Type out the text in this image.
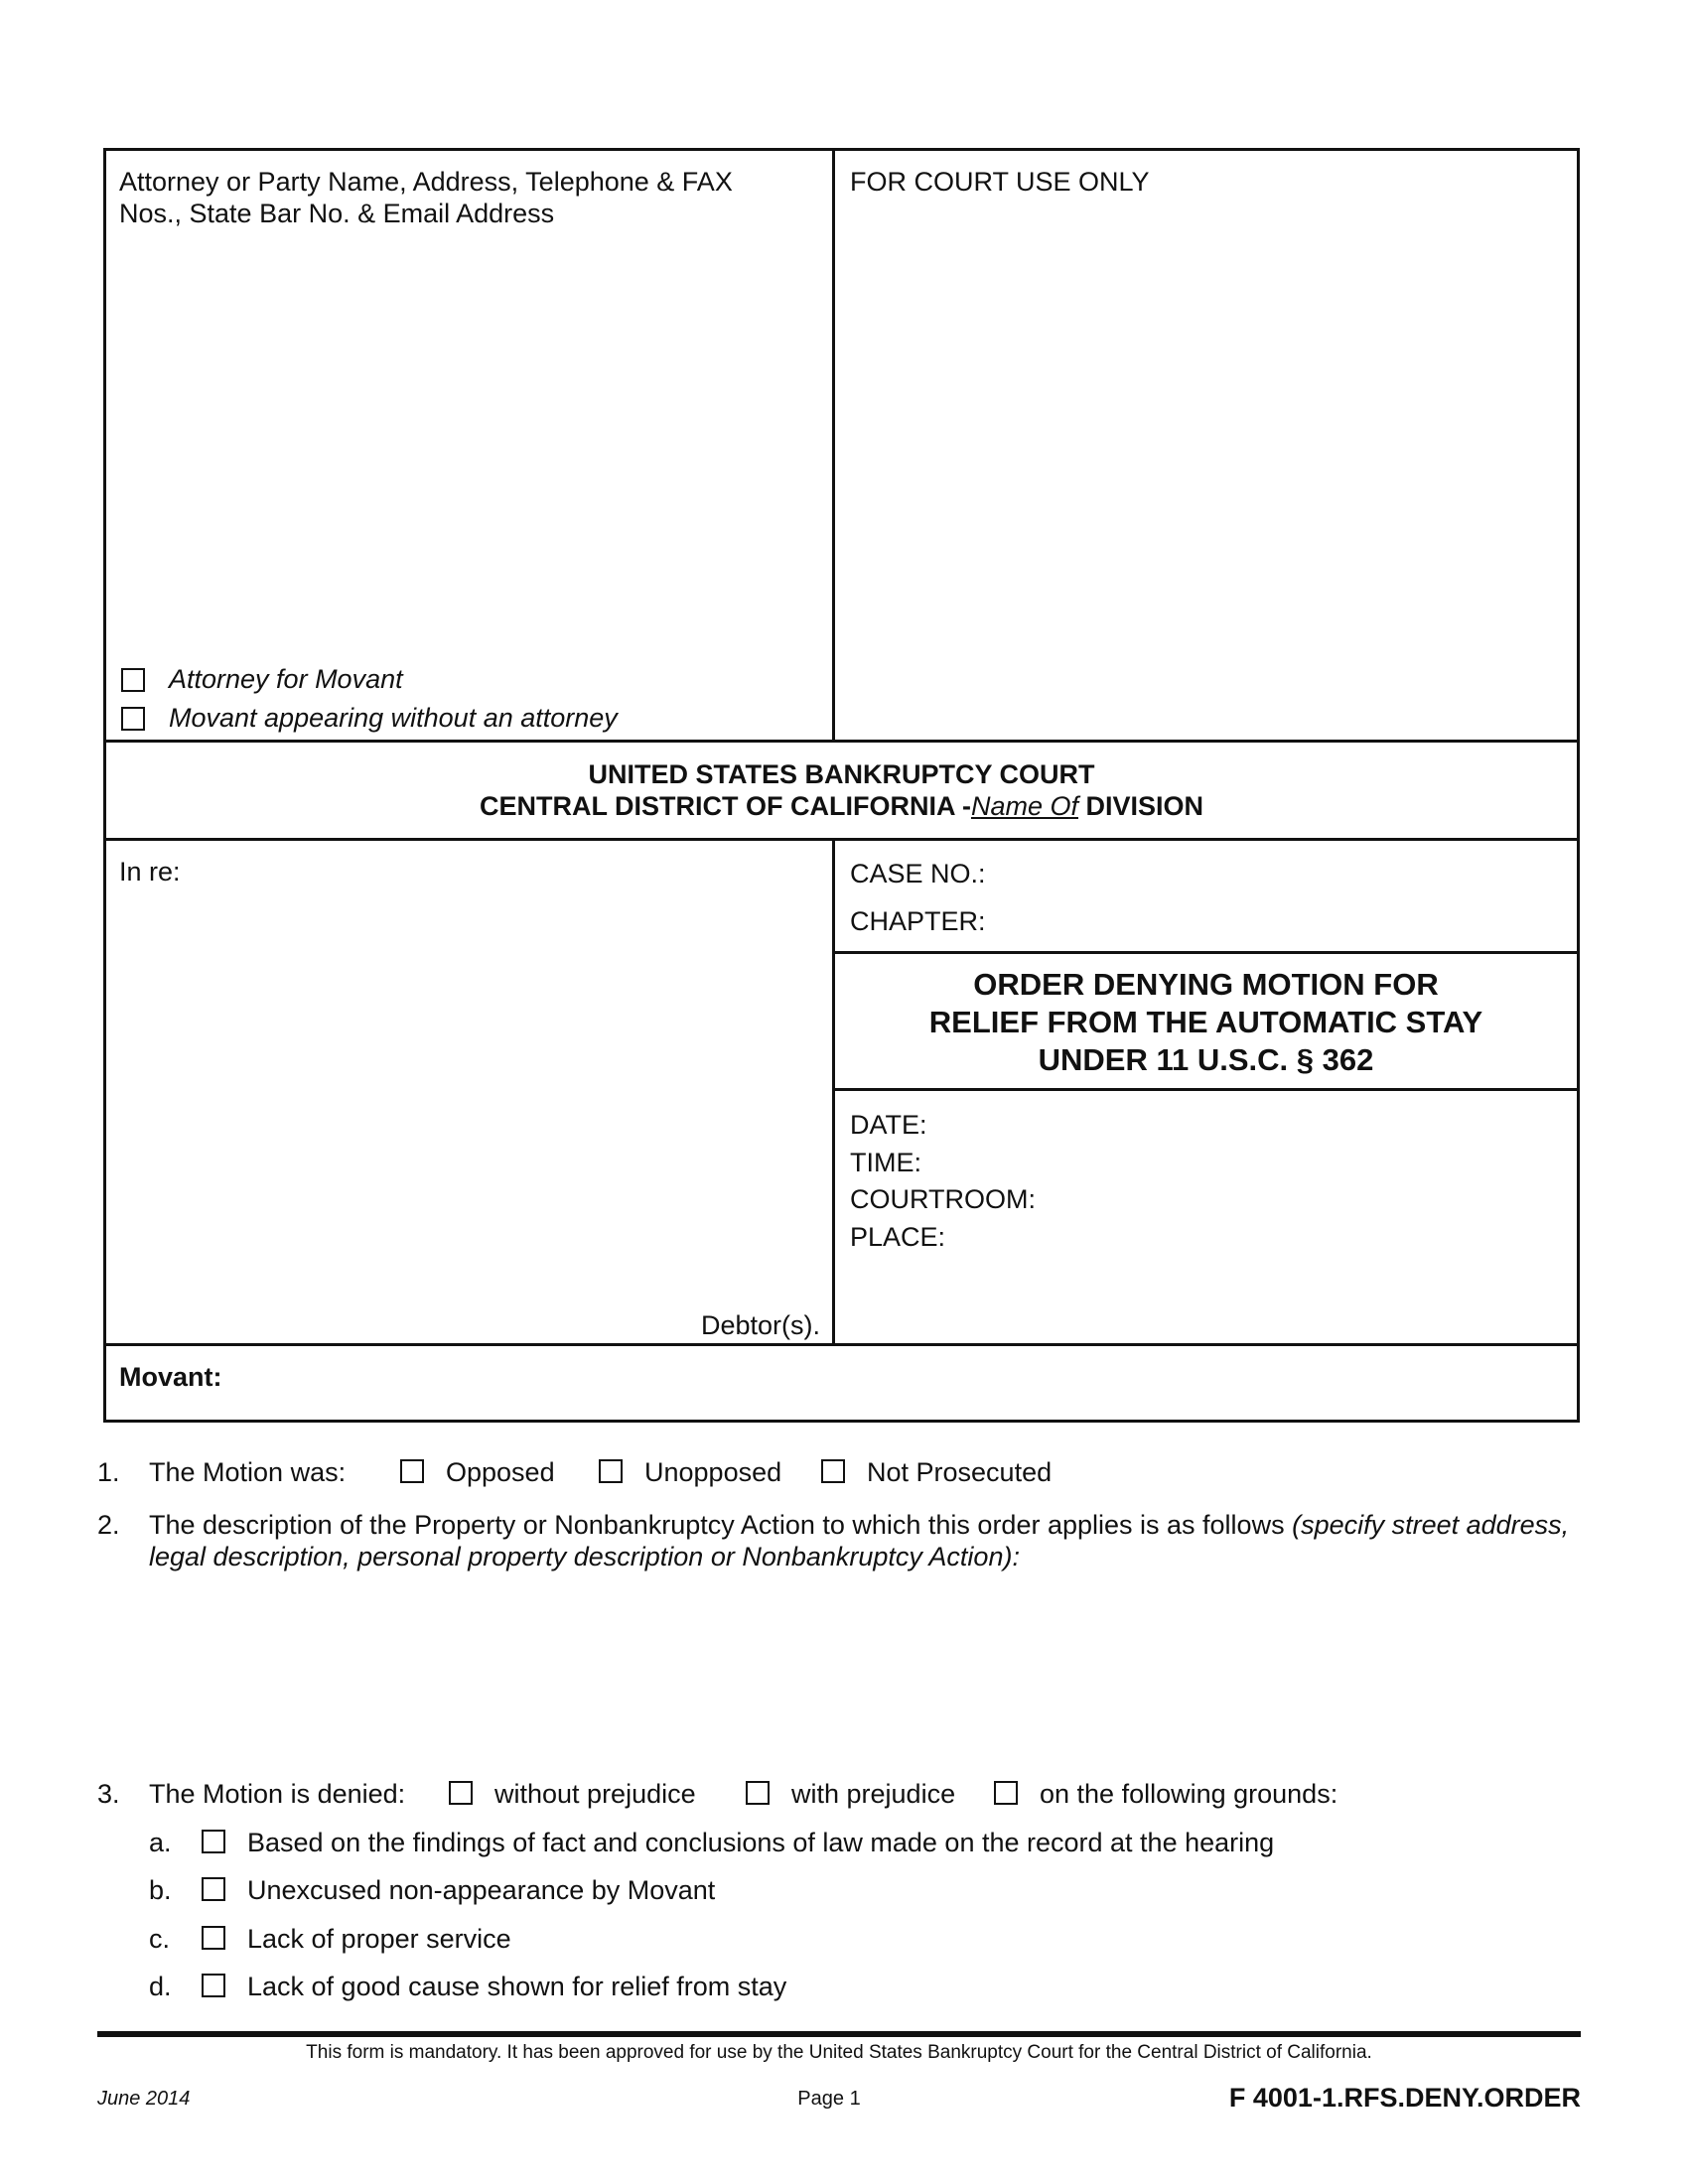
Attorney or Party Name, Address, Telephone & FAX
Nos., State Bar No. & Email Address
Attorney for Movant
Movant appearing without an attorney
FOR COURT USE ONLY
UNITED STATES BANKRUPTCY COURT
CENTRAL DISTRICT OF CALIFORNIA -Name Of DIVISION
In re:
Debtor(s).
CASE NO.:
CHAPTER:
ORDER DENYING MOTION FOR
RELIEF FROM THE AUTOMATIC STAY
UNDER 11 U.S.C. § 362
DATE:
TIME:
COURTROOM:
PLACE:
Movant:
1. The Motion was:	Opposed	Unopposed	Not Prosecuted
2. The description of the Property or Nonbankruptcy Action to which this order applies is as follows (specify street address,
legal description, personal property description or Nonbankruptcy Action):
3. The Motion is denied:	without prejudice	with prejudice	on the following grounds:
a.	Based on the findings of fact and conclusions of law made on the record at the hearing
b.	Unexcused non-appearance by Movant
c.	Lack of proper service
d.	Lack of good cause shown for relief from stay
This form is mandatory. It has been approved for use by the United States Bankruptcy Court for the Central District of California.
June 2014	Page 1	F 4001-1.RFS.DENY.ORDER
